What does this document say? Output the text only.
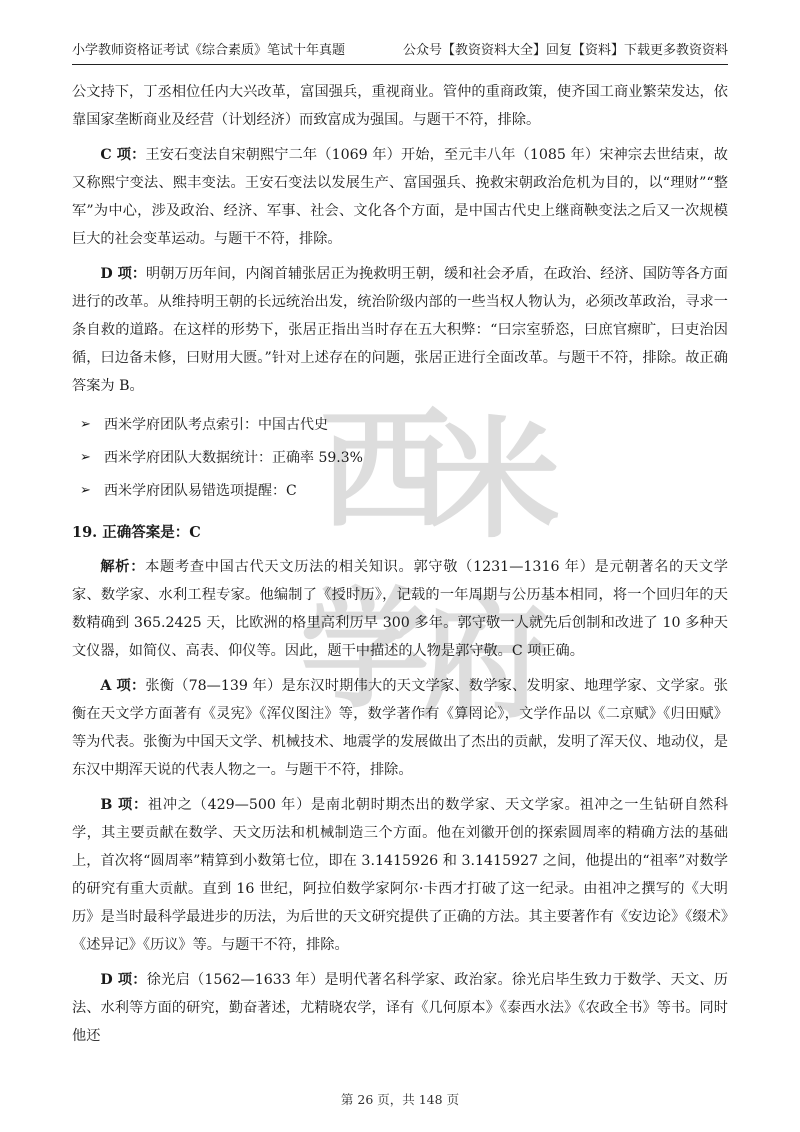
小学教师资格证考试《综合素质》笔试十年真题	公众号【教资资料大全】回复【资料】下载更多教资资料
西
米
学
府

公文持下，丁丞相位任内大兴改革，富国强兵，重视商业。管仲的重商政策，使齐国工商业繁荣发达，依靠国家垄断商业及经营（计划经济）而致富成为强国。与题干不符，排除。

C 项：王安石变法自宋朝熙宁二年（1069 年）开始，至元丰八年（1085 年）宋神宗去世结束，故又称熙宁变法、熙丰变法。王安石变法以发展生产、富国强兵、挽救宋朝政治危机为目的，以“理财”“整军”为中心，涉及政治、经济、军事、社会、文化各个方面，是中国古代史上继商鞅变法之后又一次规模巨大的社会变革运动。与题干不符，排除。

D 项：明朝万历年间，内阁首辅张居正为挽救明王朝，缓和社会矛盾，在政治、经济、国防等各方面进行的改革。从维持明王朝的长远统治出发，统治阶级内部的一些当权人物认为，必须改革政治，寻求一条自救的道路。在这样的形势下，张居正指出当时存在五大积弊：“曰宗室骄恣，曰庶官瘝旷，曰吏治因循，曰边备未修，曰财用大匮。”针对上述存在的问题，张居正进行全面改革。与题干不符，排除。故正确答案为 B。

➢ 西米学府团队考点索引：中国古代史
➢ 西米学府团队大数据统计：正确率 59.3%
➢ 西米学府团队易错选项提醒：C
19. 正确答案是：C

解析：本题考查中国古代天文历法的相关知识。郭守敬（1231—1316 年）是元朝著名的天文学家、数学家、水利工程专家。他编制了《授时历》，记载的一年周期与公历基本相同，将一个回归年的天数精确到 365.2425 天，比欧洲的格里高利历早 300 多年。郭守敬一人就先后创制和改进了 10 多种天文仪器，如简仪、高表、仰仪等。因此，题干中描述的人物是郭守敬。C 项正确。

A 项：张衡（78—139 年）是东汉时期伟大的天文学家、数学家、发明家、地理学家、文学家。张衡在天文学方面著有《灵宪》《浑仪图注》等，数学著作有《算罔论》，文学作品以《二京赋》《归田赋》等为代表。张衡为中国天文学、机械技术、地震学的发展做出了杰出的贡献，发明了浑天仪、地动仪，是东汉中期浑天说的代表人物之一。与题干不符，排除。

B 项：祖冲之（429—500 年）是南北朝时期杰出的数学家、天文学家。祖冲之一生钻研自然科学，其主要贡献在数学、天文历法和机械制造三个方面。他在刘徽开创的探索圆周率的精确方法的基础上，首次将“圆周率”精算到小数第七位，即在 3.1415926 和 3.1415927 之间，他提出的“祖率”对数学的研究有重大贡献。直到 16 世纪，阿拉伯数学家阿尔·卡西才打破了这一纪录。由祖冲之撰写的《大明历》是当时最科学最进步的历法，为后世的天文研究提供了正确的方法。其主要著作有《安边论》《缀术》《述异记》《历议》等。与题干不符，排除。

D 项：徐光启（1562—1633 年）是明代著名科学家、政治家。徐光启毕生致力于数学、天文、历法、水利等方面的研究，勤奋著述，尤精晓农学，译有《几何原本》《泰西水法》《农政全书》等书。同时他还

第 26 页，共 148 页
